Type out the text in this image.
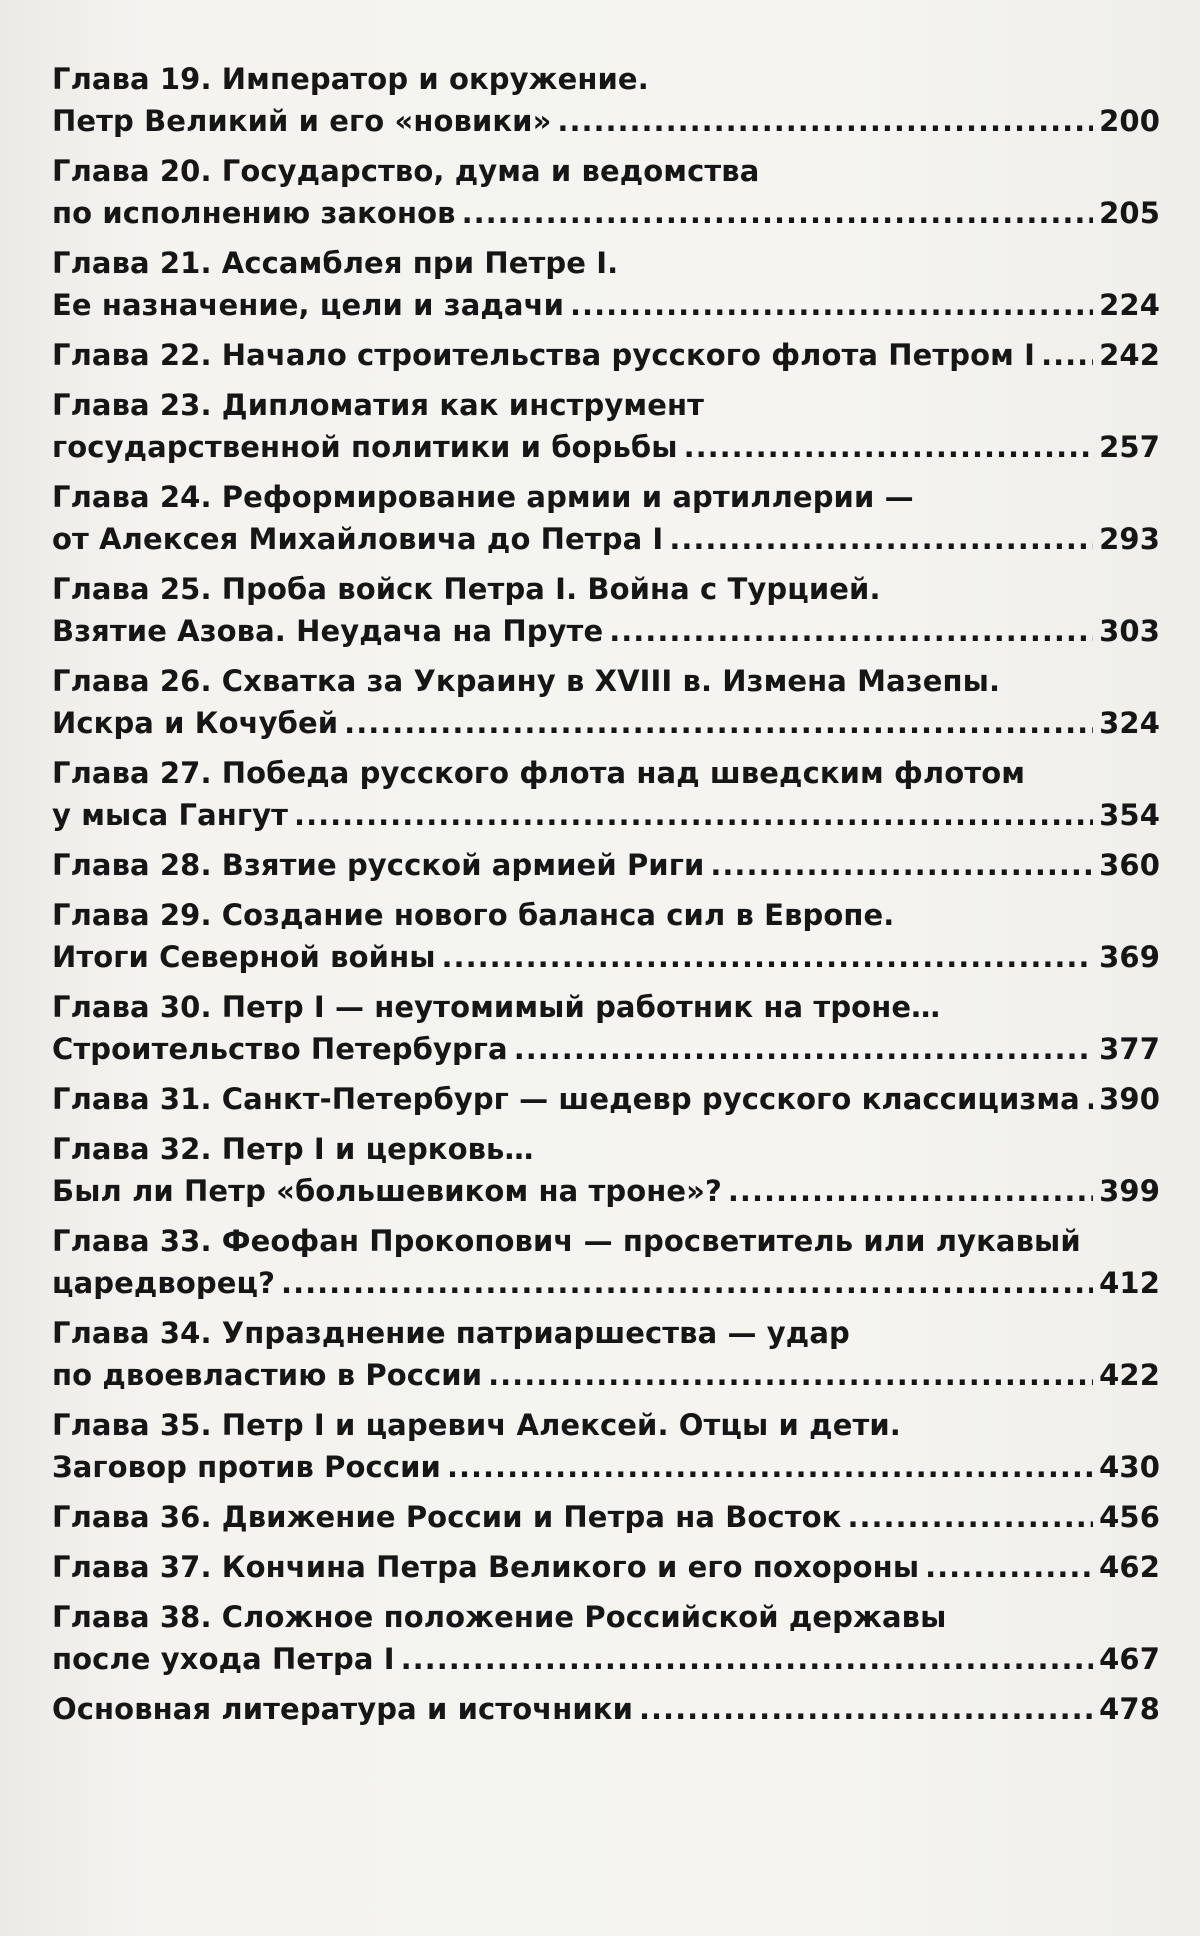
Глава 19. Император и окружение.
Петр Великий и его «новики» .....	200
Глава 20. Государство, дума и ведомства
по исполнению законов .....	205
Глава 21. Ассамблея при Петре I.
Ее назначение, цели и задачи .....	224
Глава 22. Начало строительства русского флота Петром I ..... 242
Глава 23. Дипломатия как инструмент
государственной политики и борьбы .....	257
Глава 24. Реформирование армии и артиллерии —
от Алексея Михайловича до Петра I .....	293
Глава 25. Проба войск Петра I. Война с Турцией.
Взятие Азова. Неудача на Пруте .....	303
Глава 26. Схватка за Украину в XVIII в. Измена Мазепы.
Искра и Кочубей .....	324
Глава 27. Победа русского флота над шведским флотом
у мыса Гангут .....	354
Глава 28. Взятие русской армией Риги .....	360
Глава 29. Создание нового баланса сил в Европе.
Итоги Северной войны .....	369
Глава 30. Петр I — неутомимый работник на троне…
Строительство Петербурга .....	377
Глава 31. Санкт-Петербург — шедевр русского классицизма ..... 390
Глава 32. Петр I и церковь…
Был ли Петр «большевиком на троне»? .....	399
Глава 33. Феофан Прокопович — просветитель или лукавый
царедворец? .....	412
Глава 34. Упразднение патриаршества — удар
по двоевластию в России .....	422
Глава 35. Петр I и царевич Алексей. Отцы и дети.
Заговор против России .....	430
Глава 36. Движение России и Петра на Восток .....	456
Глава 37. Кончина Петра Великого и его похороны .....	462
Глава 38. Сложное положение Российской державы
после ухода Петра I .....	467
Основная литература и источники .....	478
